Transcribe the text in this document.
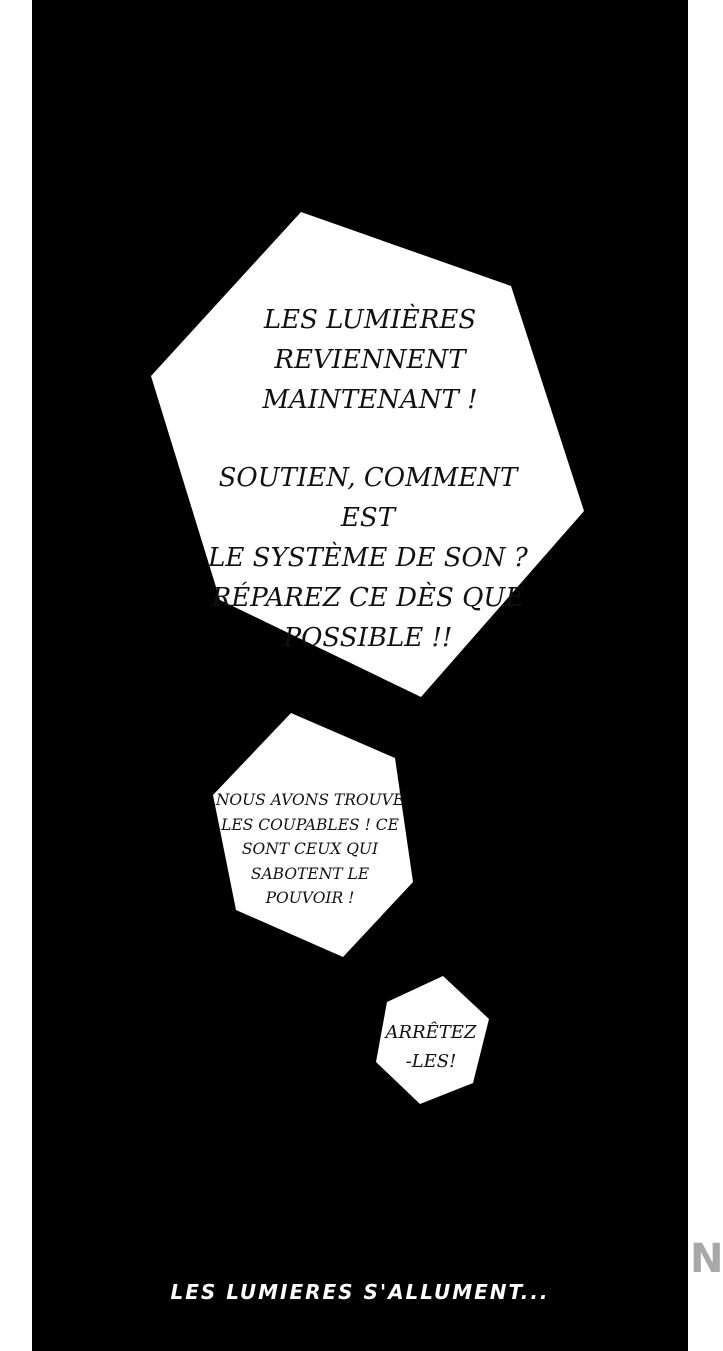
LES LUMIÈRES
REVIENNENT
MAINTENANT !

SOUTIEN, COMMENT EST
LE SYSTÈME DE SON ?
RÉPAREZ CE DÈS QUE
POSSIBLE !!

NOUS AVONS TROUVÉ
LES COUPABLES ! CE
SONT CEUX QUI
SABOTENT LE
POUVOIR !

ARRÊTEZ
-LES!

LES LUMIERES S'ALLUMENT...

N
